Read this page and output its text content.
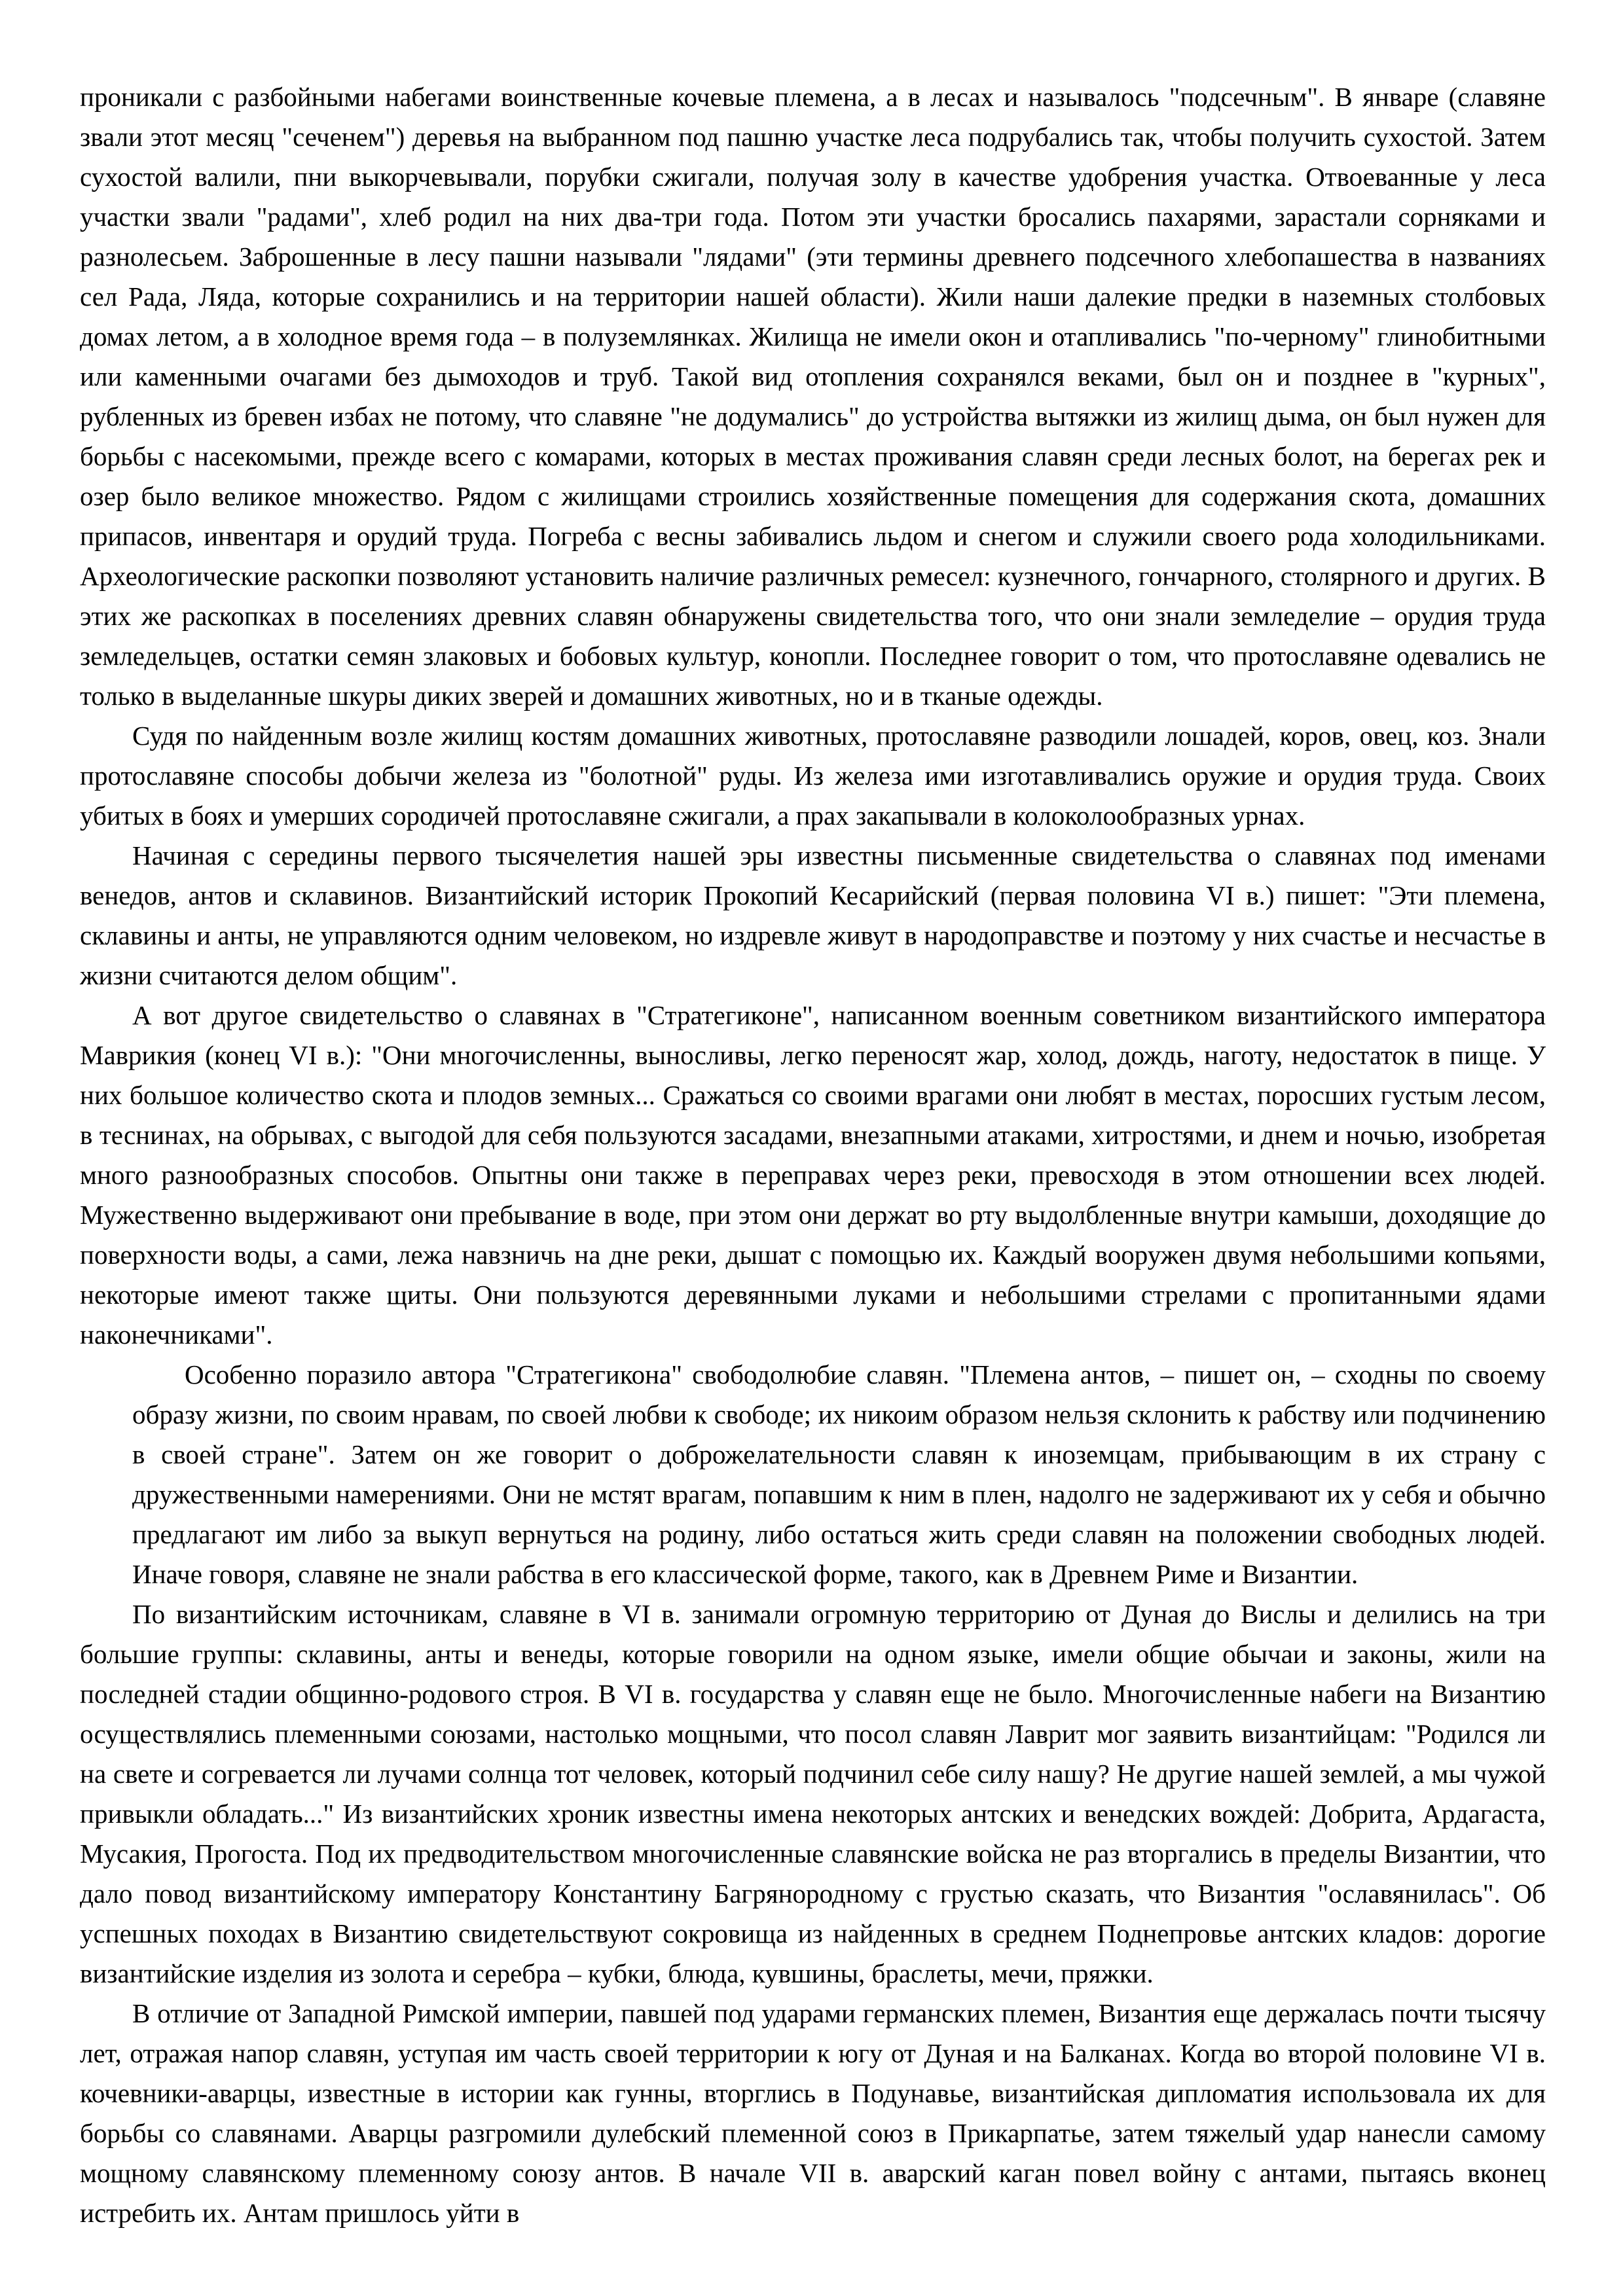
проникали с разбойными набегами воинственные кочевые племена, а в лесах и называлось "подсечным". В январе (славяне звали этот месяц "сеченем") деревья на выбранном под пашню участке леса подрубались так, чтобы получить сухостой. Затем сухостой валили, пни выкорчевывали, порубки сжигали, получая золу в качестве удобрения участка. Отвоеванные у леса участки звали "радами", хлеб родил на них два-три года. Потом эти участки бросались пахарями, зарастали сорняками и разнолесьем. Заброшенные в лесу пашни называли "лядами" (эти термины древнего подсечного хлебопашества в названиях сел Рада, Ляда, которые сохранились и на территории нашей области). Жили наши далекие предки в наземных столбовых домах летом, а в холодное время года – в полуземлянках. Жилища не имели окон и отапливались "по-черному" глинобитными или каменными очагами без дымоходов и труб. Такой вид отопления сохранялся веками, был он и позднее в "курных", рубленных из бревен избах не потому, что славяне "не додумались" до устройства вытяжки из жилищ дыма, он был нужен для борьбы с насекомыми, прежде всего с комарами, которых в местах проживания славян среди лесных болот, на берегах рек и озер было великое множество. Рядом с жилищами строились хозяйственные помещения для содержания скота, домашних припасов, инвентаря и орудий труда. Погреба с весны забивались льдом и снегом и служили своего рода холодильниками. Археологические раскопки позволяют установить наличие различных ремесел: кузнечного, гончарного, столярного и других. В этих же раскопках в поселениях древних славян обнаружены свидетельства того, что они знали земледелие – орудия труда земледельцев, остатки семян злаковых и бобовых культур, конопли. Последнее говорит о том, что протославяне одевались не только в выделанные шкуры диких зверей и домашних животных, но и в тканые одежды.

Судя по найденным возле жилищ костям домашних животных, протославяне разводили лошадей, коров, овец, коз. Знали протославяне способы добычи железа из "болотной" руды. Из железа ими изготавливались оружие и орудия труда. Своих убитых в боях и умерших сородичей протославяне сжигали, а прах закапывали в колоколообразных урнах.

Начиная с середины первого тысячелетия нашей эры известны письменные свидетельства о славянах под именами венедов, антов и склавинов. Византийский историк Прокопий Кесарийский (первая половина VI в.) пишет: "Эти племена, склавины и анты, не управляются одним человеком, но издревле живут в народоправстве и поэтому у них счастье и несчастье в жизни считаются делом общим".

А вот другое свидетельство о славянах в "Стратегиконе", написанном военным советником византийского императора Маврикия (конец VI в.): "Они многочисленны, выносливы, легко переносят жар, холод, дождь, наготу, недостаток в пище. У них большое количество скота и плодов земных... Сражаться со своими врагами они любят в местах, поросших густым лесом, в теснинах, на обрывах, с выгодой для себя пользуются засадами, внезапными атаками, хитростями, и днем и ночью, изобретая много разнообразных способов. Опытны они также в переправах через реки, превосходя в этом отношении всех людей. Мужественно выдерживают они пребывание в воде, при этом они держат во рту выдолбленные внутри камыши, доходящие до поверхности воды, а сами, лежа навзничь на дне реки, дышат с помощью их. Каждый вооружен двумя небольшими копьями, некоторые имеют также щиты. Они пользуются деревянными луками и небольшими стрелами с пропитанными ядами наконечниками".

Особенно поразило автора "Стратегикона" свободолюбие славян. "Племена антов, – пишет он, – сходны по своему образу жизни, по своим нравам, по своей любви к свободе; их никоим образом нельзя склонить к рабству или подчинению в своей стране". Затем он же говорит о доброжелательности славян к иноземцам, прибывающим в их страну с дружественными намерениями. Они не мстят врагам, попавшим к ним в плен, надолго не задерживают их у себя и обычно предлагают им либо за выкуп вернуться на родину, либо остаться жить среди славян на положении свободных людей. Иначе говоря, славяне не знали рабства в его классической форме, такого, как в Древнем Риме и Византии.

По византийским источникам, славяне в VI в. занимали огромную территорию от Дуная до Вислы и делились на три большие группы: склавины, анты и венеды, которые говорили на одном языке, имели общие обычаи и законы, жили на последней стадии общинно-родового строя. В VI в. государства у славян еще не было. Многочисленные набеги на Византию осуществлялись племенными союзами, настолько мощными, что посол славян Лаврит мог заявить византийцам: "Родился ли на свете и согревается ли лучами солнца тот человек, который подчинил себе силу нашу? Не другие нашей землей, а мы чужой привыкли обладать..." Из византийских хроник известны имена некоторых антских и венедских вождей: Добрита, Ардагаста, Мусакия, Прогоста. Под их предводительством многочисленные славянские войска не раз вторгались в пределы Византии, что дало повод византийскому императору Константину Багрянородному с грустью сказать, что Византия "ославянилась". Об успешных походах в Византию свидетельствуют сокровища из найденных в среднем Поднепровье антских кладов: дорогие византийские изделия из золота и серебра – кубки, блюда, кувшины, браслеты, мечи, пряжки.

В отличие от Западной Римской империи, павшей под ударами германских племен, Византия еще держалась почти тысячу лет, отражая напор славян, уступая им часть своей территории к югу от Дуная и на Балканах. Когда во второй половине VI в. кочевники-аварцы, известные в истории как гунны, вторглись в Подунавье, византийская дипломатия использовала их для борьбы со славянами. Аварцы разгромили дулебский племенной союз в Прикарпатье, затем тяжелый удар нанесли самому мощному славянскому племенному союзу антов. В начале VII в. аварский каган повел войну с антами, пытаясь вконец истребить их. Антам пришлось уйти в
